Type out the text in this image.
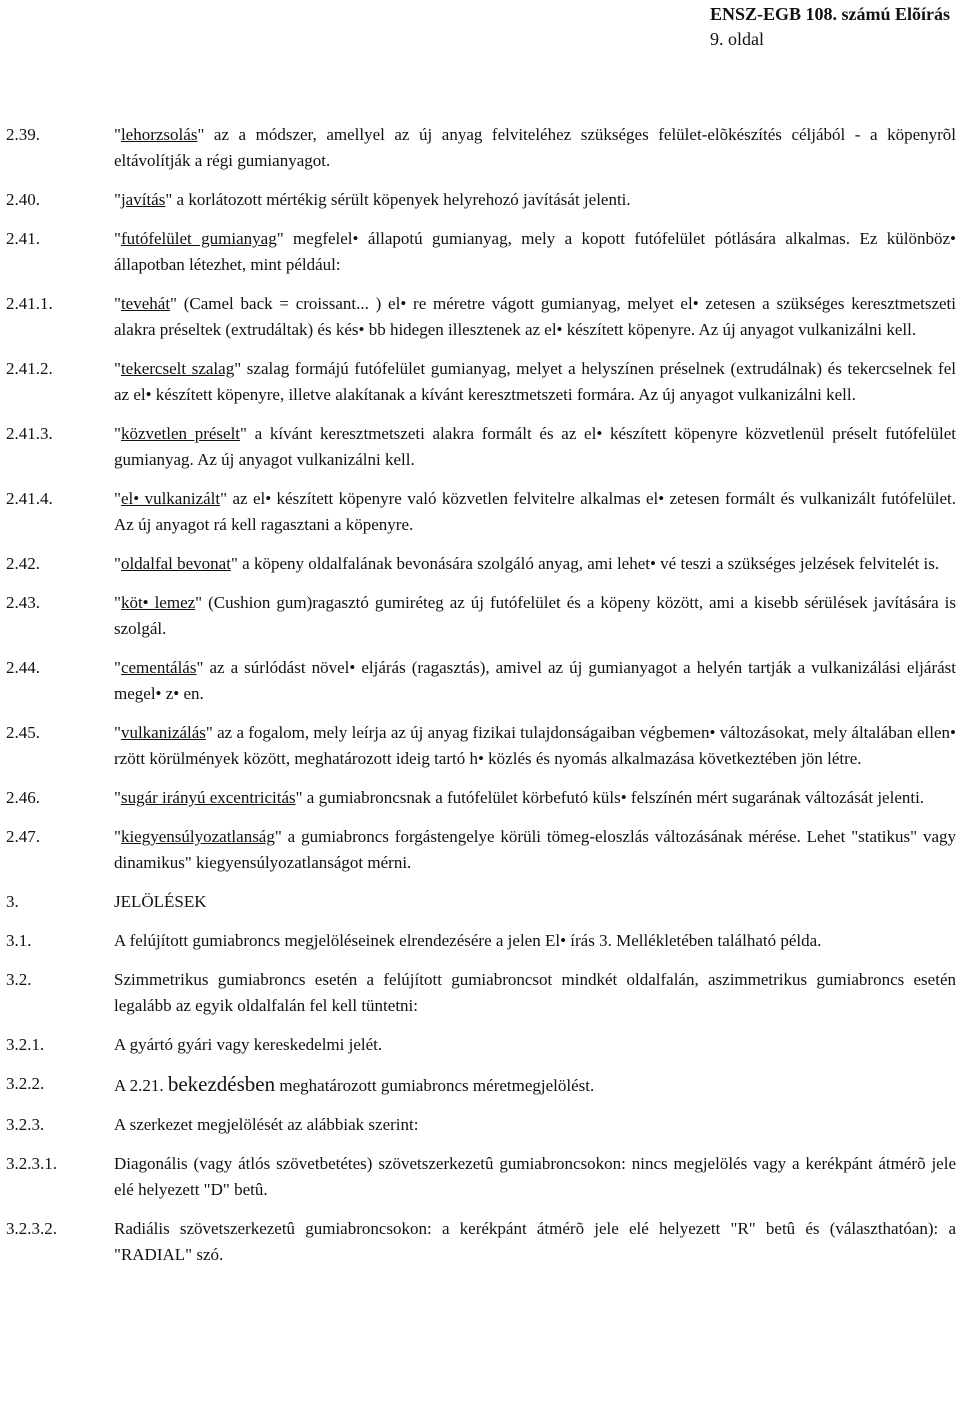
ENSZ-EGB 108. számú Elõírás
9. oldal
2.39.	"lehorzsolás" az a módszer, amellyel az új anyag felviteléhez szükséges felület-elõkészítés céljából - a köpenyrõl eltávolítják a régi gumianyagot.
2.40.	"javítás" a korlátozott mértékig sérült köpenyek helyrehozó javítását jelenti.
2.41.	"futófelület gumianyag" megfelel• állapotú gumianyag, mely a kopott futófelület pótlására alkalmas. Ez különböz• állapotban létezhet, mint például:
2.41.1.	"tevehát" (Camel back = croissant... ) el• re méretre vágott gumianyag, melyet el• zetesen a szükséges keresztmetszeti alakra préseltek (extrudáltak) és kés• bb hidegen illesztenek az el• készített köpenyre. Az új anyagot vulkanizálni kell.
2.41.2.	"tekercselt szalag" szalag formájú futófelület gumianyag, melyet a helyszínen préselnek (extrudálnak) és tekercselnek fel az el• készített köpenyre, illetve alakítanak a kívánt keresztmetszeti formára. Az új anyagot vulkanizálni kell.
2.41.3.	"közvetlen préselt" a kívánt keresztmetszeti alakra formált és az el• készített köpenyre közvetlenül préselt futófelület gumianyag. Az új anyagot vulkanizálni kell.
2.41.4.	"el• vulkanizált" az el• készített köpenyre való közvetlen felvitelre alkalmas el• zetesen formált és vulkanizált futófelület. Az új anyagot rá kell ragasztani a köpenyre.
2.42.	"oldalfal bevonat" a köpeny oldalfalának bevonására szolgáló anyag, ami lehet• vé teszi a szükséges jelzések felvitelét is.
2.43.	"köt• lemez" (Cushion gum)ragasztó gumiréteg az új futófelület és a köpeny között, ami a kisebb sérülések javítására is szolgál.
2.44.	"cementálás" az a súrlódást növel• eljárás (ragasztás), amivel az új gumianyagot a helyén tartják a vulkanizálási eljárást megel• z• en.
2.45.	"vulkanizálás" az a fogalom, mely leírja az új anyag fizikai tulajdonságaiban végbemen• változásokat, mely általában ellen• rzött körülmények között, meghatározott ideig tartó h• közlés és nyomás alkalmazása következtében jön létre.
2.46.	"sugár irányú excentricitás" a gumiabroncsnak a futófelület körbefutó küls• felszínén mért sugarának változását jelenti.
2.47.	"kiegyensúlyozatlanság" a gumiabroncs forgástengelye körüli tömeg-eloszlás változásának mérése. Lehet "statikus" vagy dinamikus" kiegyensúlyozatlanságot mérni.
3.	JELÖLÉSEK
3.1.	A felújított gumiabroncs megjelöléseinek elrendezésére a jelen El• írás 3. Mellékletében található példa.
3.2.	Szimmetrikus gumiabroncs esetén a felújított gumiabroncsot mindkét oldalfalán, aszimmetrikus gumiabroncs esetén legalább az egyik oldalfalán fel kell tüntetni:
3.2.1.	A gyártó gyári vagy kereskedelmi jelét.
3.2.2.	A 2.21. bekezdésben meghatározott gumiabroncs méretmegjelölést.
3.2.3.	A szerkezet megjelölését az alábbiak szerint:
3.2.3.1.	Diagonális (vagy átlós szövetbetétes) szövetszerkezetû gumiabroncsokon: nincs megjelölés vagy a kerékpánt átmérõ jele elé helyezett "D" betû.
3.2.3.2.	Radiális szövetszerkezetû gumiabroncsokon: a kerékpánt átmérõ jele elé helyezett "R" betû és (választhatóan): a "RADIAL" szó.
